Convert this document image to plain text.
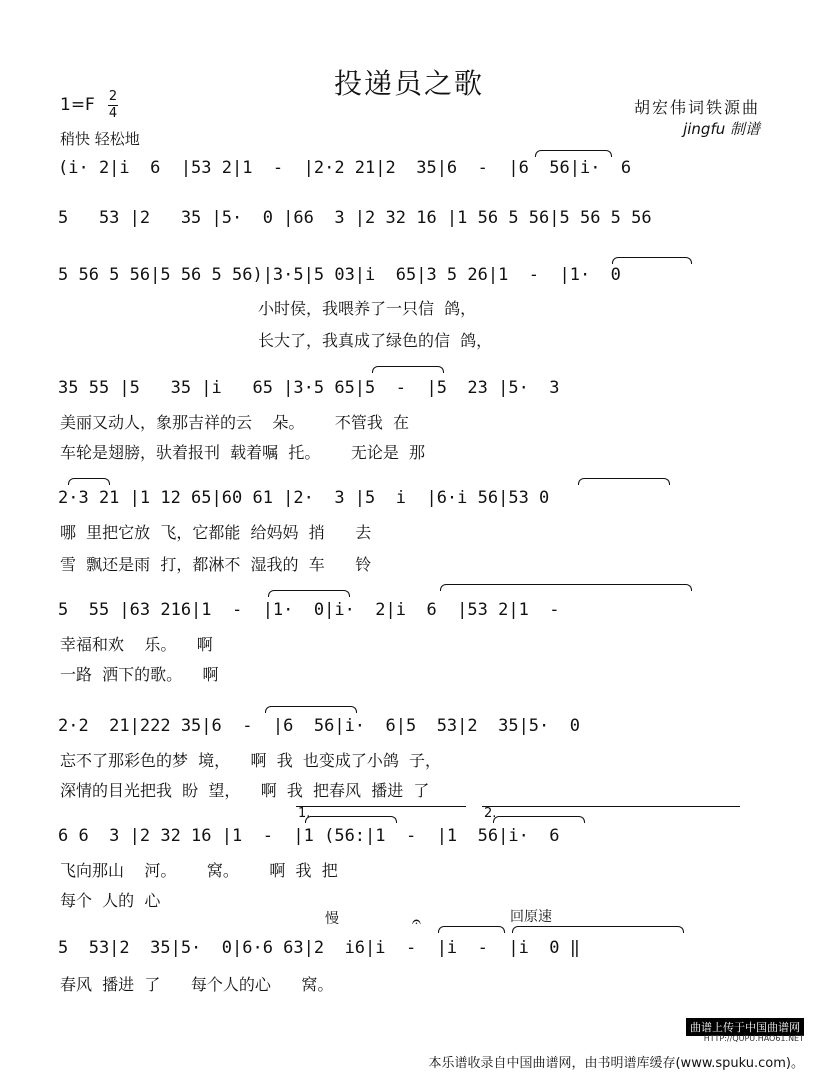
投递员之歌
1=F 2
4
稍快 轻松地
胡宏伟词铁源曲
jingfu 制谱
(i· 2|i  6  |53 2|1  -  |2·2 21|2  35|6  -  |6  56|i·  6
5   53 |2   35 |5·  0 |66  3 |2 32 16 |1 56 5 56|5 56 5 56
5 56 5 56|5 56 5 56)|3·5|5 03|i  65|3 5 26|1  -  |1·  0
小时侯，我喂养了一只信  鸽，
长大了，我真成了绿色的信  鸽，
35 55 |5   35 |i   65 |3·5 65|5  -  |5  23 |5·  3
美丽又动人，象那吉祥的云    朵。      不管我  在
车轮是翅膀，驮着报刊  载着嘱  托。      无论是  那
2·3 21 |1 12 65|60 61 |2·  3 |5  i  |6·i 56|53 0
哪  里把它放  飞，它都能  给妈妈  捎      去
雪  飘还是雨  打，都淋不  湿我的  车      铃
5  55 |63 216|1  -  |1·  0|i·  2|i  6  |53 2|1  -
幸福和欢    乐。    啊
一路  洒下的歌。    啊
2·2  21|222 35|6  -  |6  56|i·  6|5  53|2  35|5·  0
忘不了那彩色的梦  境，    啊  我  也变成了小鸽  子，
深情的目光把我  盼  望，    啊  我  把春风  播进  了
1.	2.
6 6  3 |2 32 16 |1  -  |1 (56:|1  -  |1  56|i·  6
飞向那山    河。      窝。      啊  我  把
每个  人的  心
慢	𝄐	回原速
5  53|2  35|5·  0|6·6 63|2  i6|i  -  |i  -  |i  0 ‖
春风  播进  了      每个人的心      窝。
曲谱上传于中国曲谱网
HTTP://QUPU.HAO61.NET
本乐谱收录自中国曲谱网，由书明谱库缓存(www.spuku.com)。
